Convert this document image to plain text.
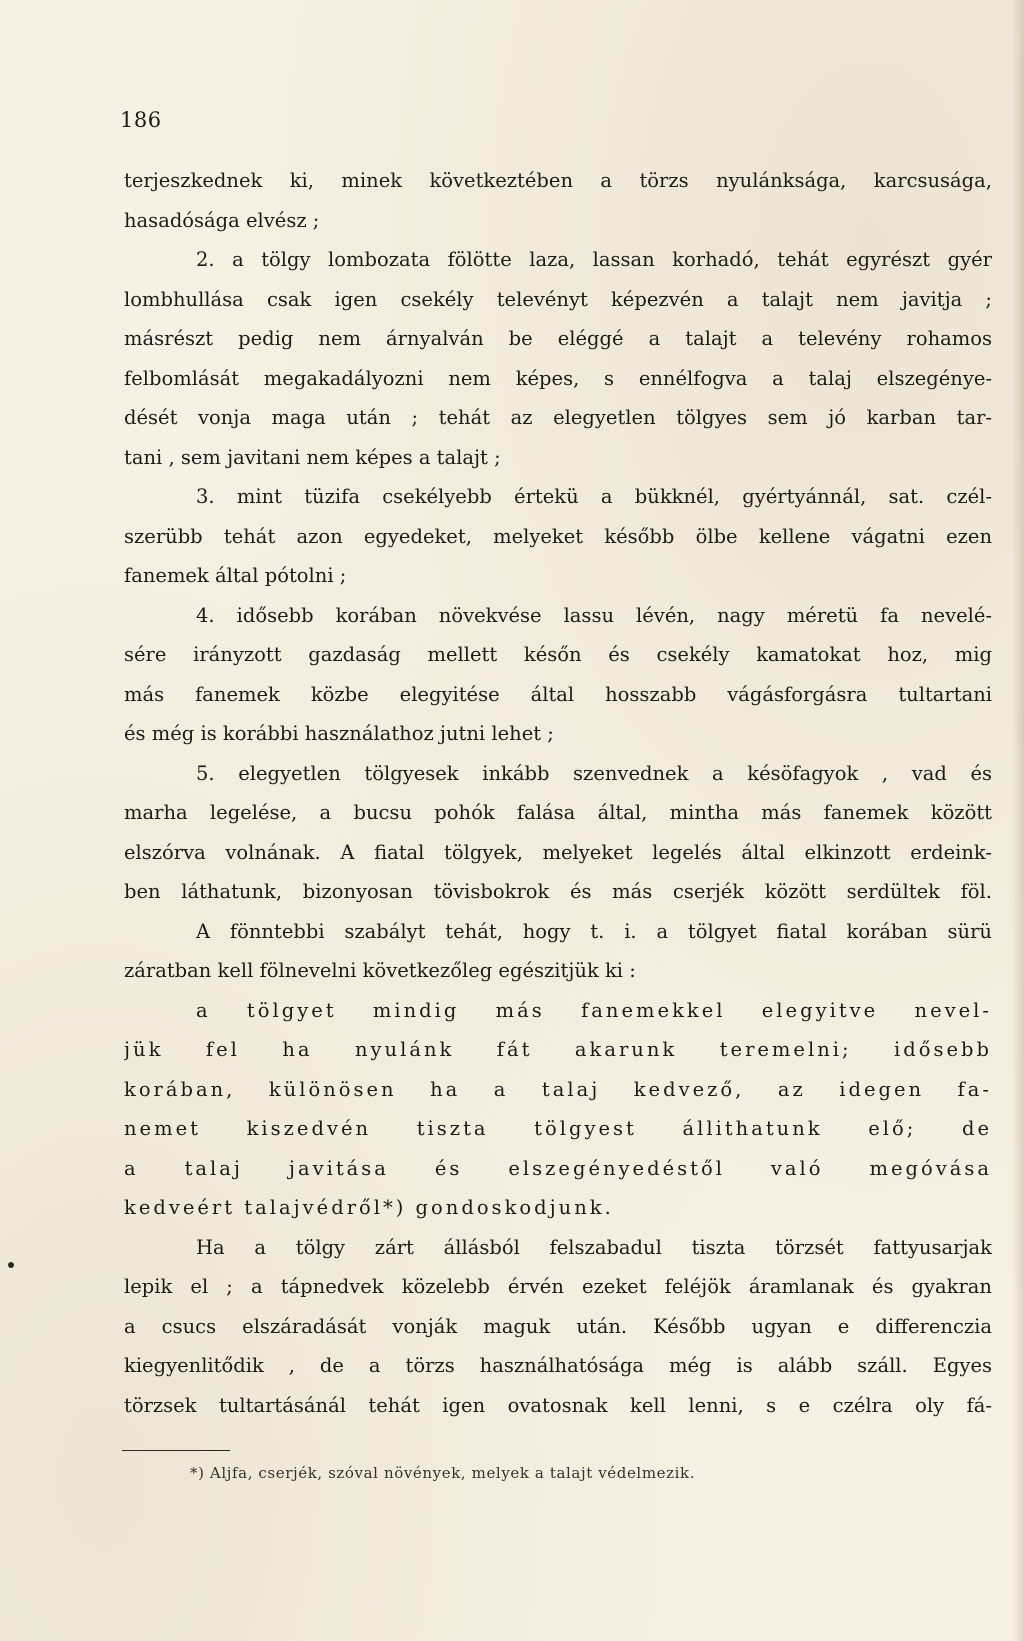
186
terjeszkednek ki, minek következtében a törzs nyulánksága, karcsusága,
hasadósága elvész ;
2. a tölgy lombozata fölötte laza, lassan korhadó, tehát egyrészt gyér
lombhullása csak igen csekély televényt képezvén a talajt nem javitja ;
másrészt pedig nem árnyalván be eléggé a talajt a televény rohamos
felbomlását megakadályozni nem képes, s ennélfogva a talaj elszegénye-
dését vonja maga után ; tehát az elegyetlen tölgyes sem jó karban tar-
tani , sem javitani nem képes a talajt ;
3. mint tüzifa csekélyebb értekü a bükknél, gyértyánnál, sat. czél-
szerübb tehát azon egyedeket, melyeket később ölbe kellene vágatni ezen
fanemek által pótolni ;
4. idősebb korában növekvése lassu lévén, nagy méretü fa nevelé-
sére irányzott gazdaság mellett későn és csekély kamatokat hoz, mig
más fanemek közbe elegyitése által hosszabb vágásforgásra tultartani
és még is korábbi használathoz jutni lehet ;
5. elegyetlen tölgyesek inkább szenvednek a késöfagyok , vad és
marha legelése, a bucsu pohók falása által, mintha más fanemek között
elszórva volnának. A fiatal tölgyek, melyeket legelés által elkinzott erdeink-
ben láthatunk, bizonyosan tövisbokrok és más cserjék között serdültek föl.
A fönntebbi szabályt tehát, hogy t. i. a tölgyet fiatal korában sürü
záratban kell fölnevelni következőleg egészitjük ki :
a tölgyet mindig más fanemekkel elegyitve nevel-
jük fel ha nyulánk fát akarunk teremelni; idősebb
korában, különösen ha a talaj kedvező, az idegen fa-
nemet kiszedvén tiszta tölgyest állithatunk elő; de
a talaj javitása és elszegényedéstől való megóvása
kedveért talajvédről*) gondoskodjunk.
Ha a tölgy zárt állásból felszabadul tiszta törzsét fattyusarjak
lepik el ; a tápnedvek közelebb érvén ezeket feléjök áramlanak és gyakran
a csucs elszáradását vonják maguk után. Később ugyan e differenczia
kiegyenlitődik , de a törzs használhatósága még is alább száll. Egyes
törzsek tultartásánál tehát igen ovatosnak kell lenni, s e czélra oly fá-
*) Aljfa, cserjék, szóval növények, melyek a talajt védelmezik.
